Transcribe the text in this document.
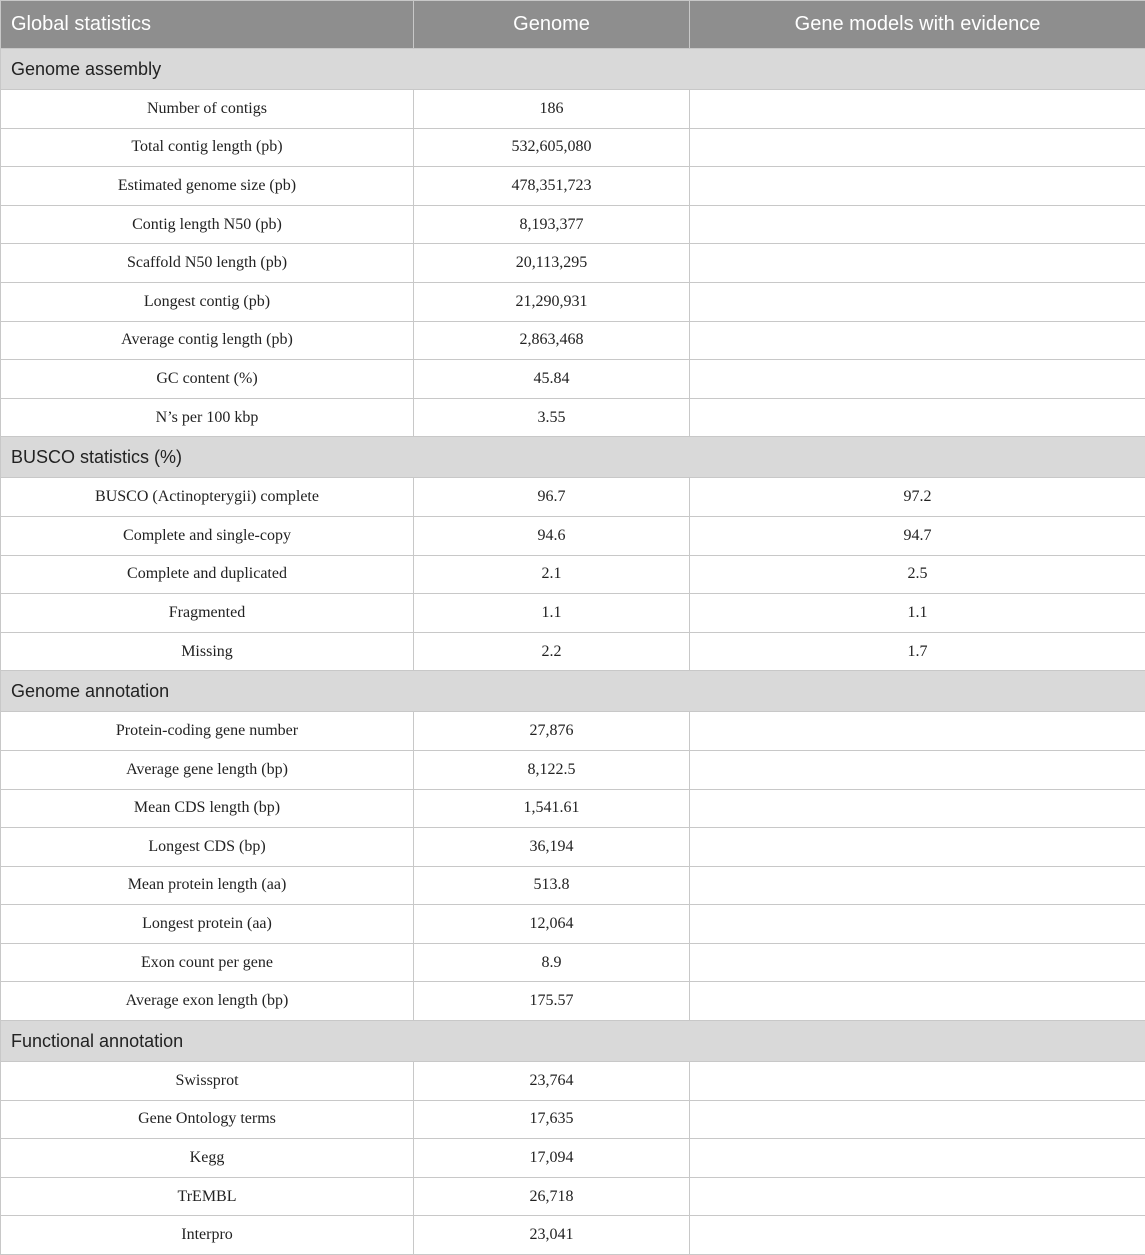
Global statistics	Genome	Gene models with evidence
Genome assembly		
Number of contigs	186	
Total contig length (pb)	532,605,080	
Estimated genome size (pb)	478,351,723	
Contig length N50 (pb)	8,193,377	
Scaffold N50 length (pb)	20,113,295	
Longest contig (pb)	21,290,931	
Average contig length (pb)	2,863,468	
GC content (%)	45.84	
N’s per 100 kbp	3.55	
BUSCO statistics (%)		
BUSCO (Actinopterygii) complete	96.7	97.2
Complete and single-copy	94.6	94.7
Complete and duplicated	2.1	2.5
Fragmented	1.1	1.1
Missing	2.2	1.7
Genome annotation		
Protein-coding gene number	27,876	
Average gene length (bp)	8,122.5	
Mean CDS length (bp)	1,541.61	
Longest CDS (bp)	36,194	
Mean protein length (aa)	513.8	
Longest protein (aa)	12,064	
Exon count per gene	8.9	
Average exon length (bp)	175.57	
Functional annotation		
Swissprot	23,764	
Gene Ontology terms	17,635	
Kegg	17,094	
TrEMBL	26,718	
Interpro	23,041	
